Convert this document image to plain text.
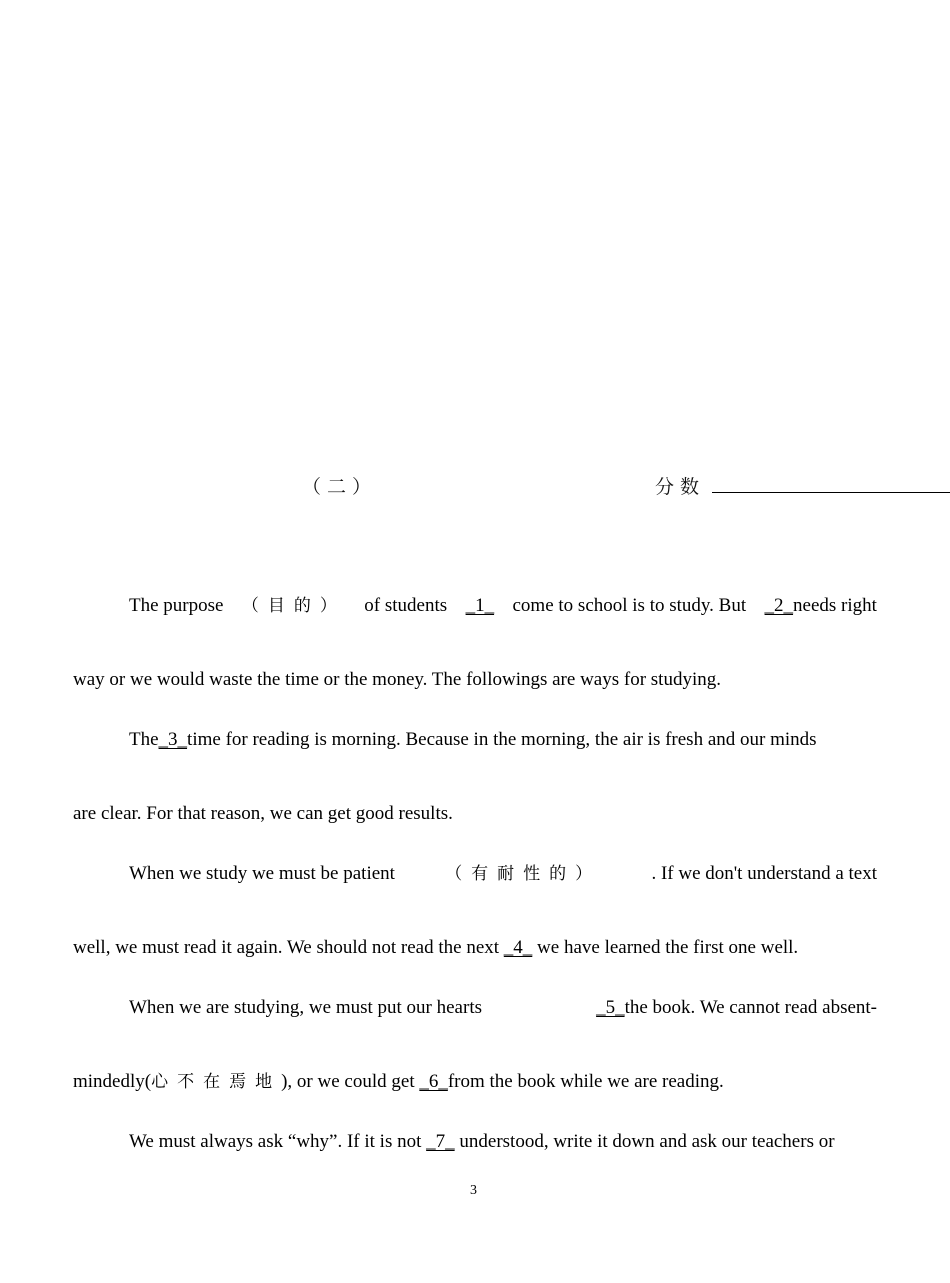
（二）	分数
The purpose （目的） of students _1_ come to school is to study. But _2_needs right
way or we would waste the time or the money. The followings are ways for studying.
The_3_time for reading is morning. Because in the morning, the air is fresh and our minds
are clear. For that reason, we can get good results.
When we study we must be patient	（有耐性的）	. If we don't understand a text
well, we must read it again. We should not read the next _4_ we have learned the first one well.
When we are studying, we must put our hearts	_5_the book. We cannot read absent-
mindedly(心不在焉地), or we could get _6_from the book while we are reading.
We must always ask “why”. If it is not _7_ understood, write it down and ask our teachers or
3
